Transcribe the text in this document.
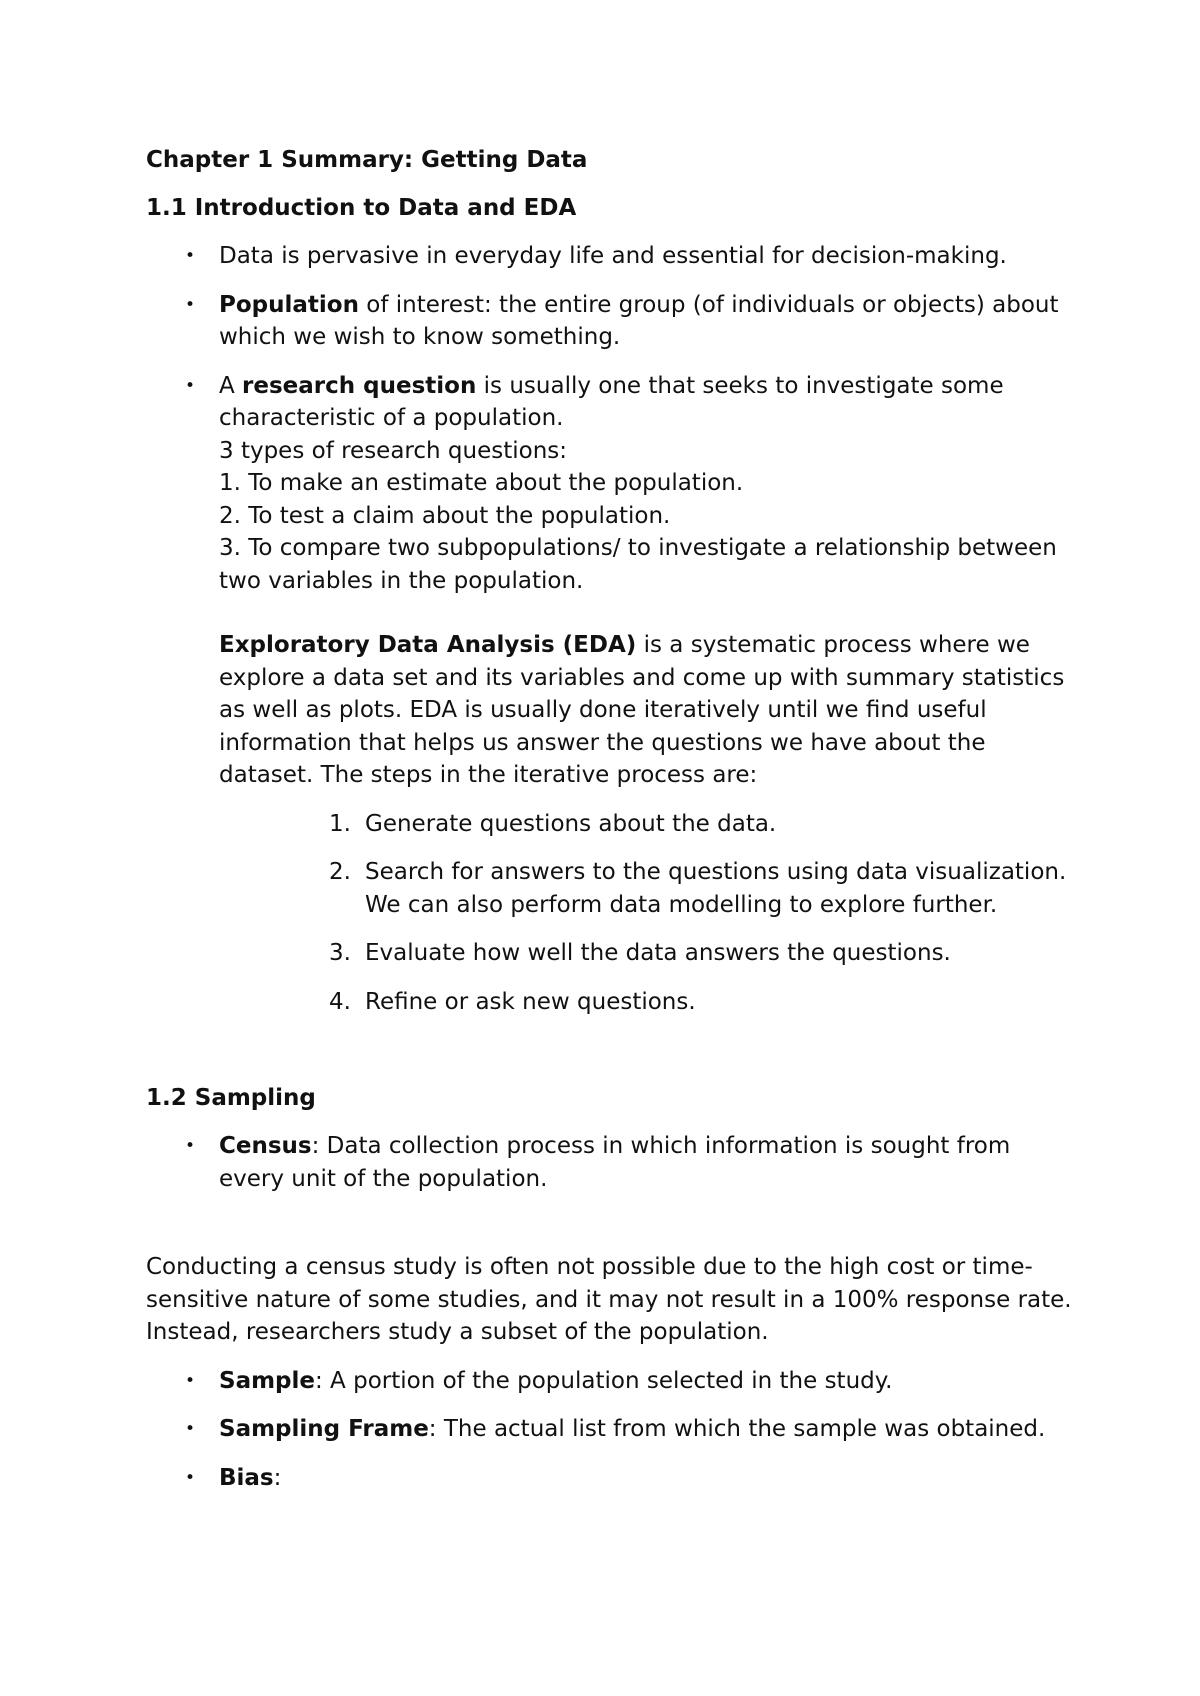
Chapter 1 Summary: Getting Data
1.1 Introduction to Data and EDA
• Data is pervasive in everyday life and essential for decision-making.
• Population of interest: the entire group (of individuals or objects) about which we wish to know something.
• A research question is usually one that seeks to investigate some characteristic of a population.
3 types of research questions:
1. To make an estimate about the population.
2. To test a claim about the population.
3. To compare two subpopulations/ to investigate a relationship between two variables in the population.
Exploratory Data Analysis (EDA) is a systematic process where we explore a data set and its variables and come up with summary statistics as well as plots. EDA is usually done iteratively until we find useful information that helps us answer the questions we have about the dataset. The steps in the iterative process are:
1. Generate questions about the data.
2. Search for answers to the questions using data visualization. We can also perform data modelling to explore further.
3. Evaluate how well the data answers the questions.
4. Refine or ask new questions.
1.2 Sampling
• Census: Data collection process in which information is sought from every unit of the population.

Conducting a census study is often not possible due to the high cost or time-sensitive nature of some studies, and it may not result in a 100% response rate. Instead, researchers study a subset of the population.

• Sample: A portion of the population selected in the study.
• Sampling Frame: The actual list from which the sample was obtained.
• Bias:
